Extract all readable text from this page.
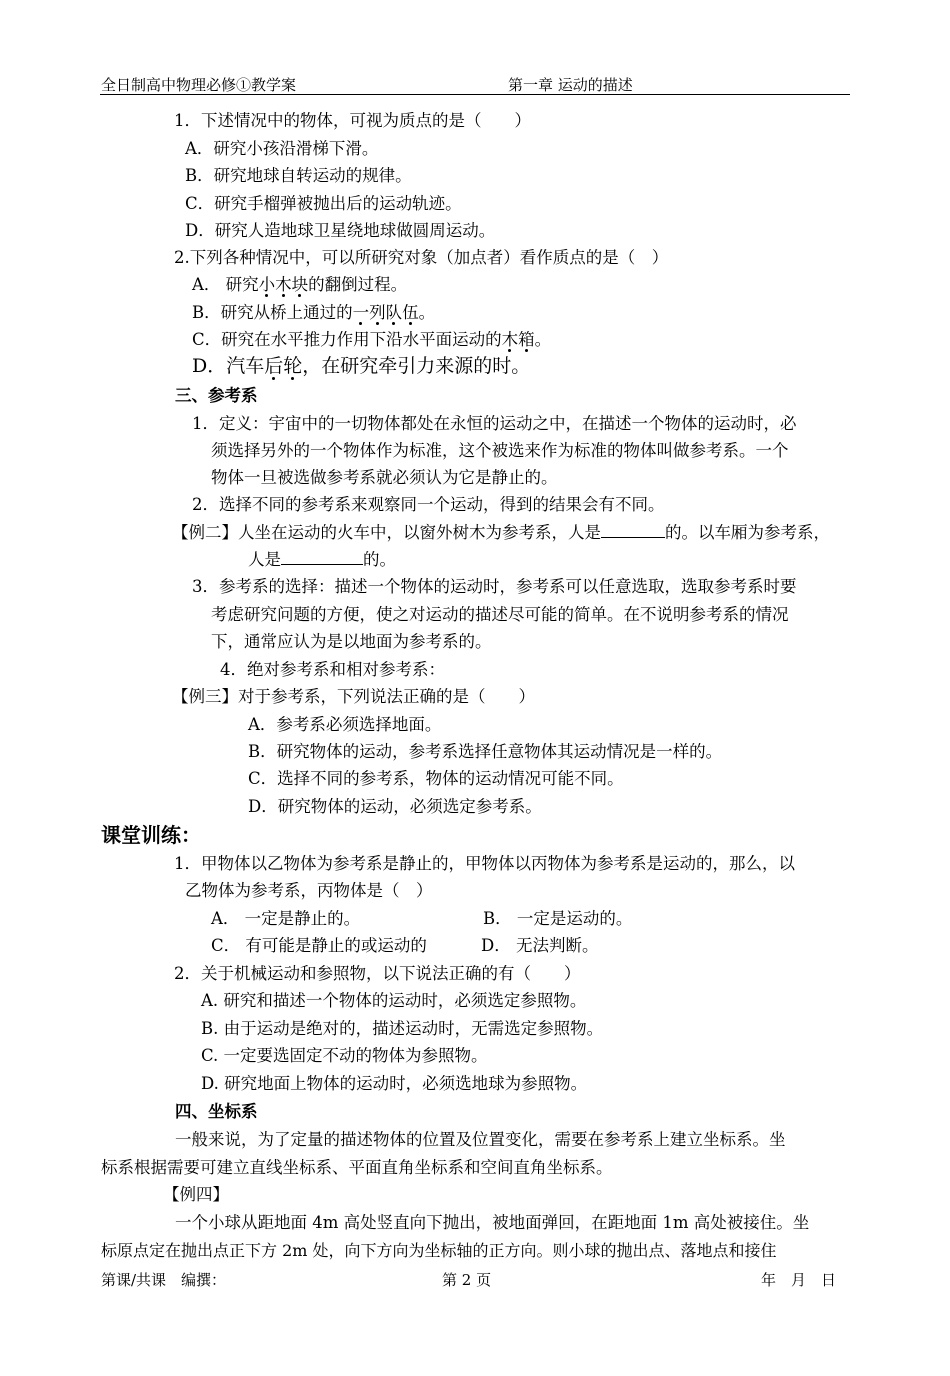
全日制高中物理必修①教学案	第一章 运动的描述
1．下述情况中的物体，可视为质点的是（　　）
A．研究小孩沿滑梯下滑。
B．研究地球自转运动的规律。
C．研究手榴弹被抛出后的运动轨迹。
D．研究人造地球卫星绕地球做圆周运动。
2.下列各种情况中，可以所研究对象（加点者）看作质点的是（　）
A． 研究小木块的翻倒过程。
B．研究从桥上通过的一列队伍。
C．研究在水平推力作用下沿水平面运动的木箱。
D．汽车后轮，在研究牵引力来源的时。
三、参考系
1．定义：宇宙中的一切物体都处在永恒的运动之中，在描述一个物体的运动时，必
须选择另外的一个物体作为标准，这个被选来作为标准的物体叫做参考系。一个
物体一旦被选做参考系就必须认为它是静止的。
2．选择不同的参考系来观察同一个运动，得到的结果会有不同。
【例二】人坐在运动的火车中，以窗外树木为参考系，人是	的。以车厢为参考系，
人是	的。
3．参考系的选择：描述一个物体的运动时，参考系可以任意选取，选取参考系时要
考虑研究问题的方便，使之对运动的描述尽可能的简单。在不说明参考系的情况
下，通常应认为是以地面为参考系的。
4．绝对参考系和相对参考系：
【例三】对于参考系，下列说法正确的是（　　）
A．参考系必须选择地面。
B．研究物体的运动，参考系选择任意物体其运动情况是一样的。
C．选择不同的参考系，物体的运动情况可能不同。
D．研究物体的运动，必须选定参考系。
课堂训练：
1．甲物体以乙物体为参考系是静止的，甲物体以丙物体为参考系是运动的，那么，以
乙物体为参考系，丙物体是（　）
A． 一定是静止的。	B． 一定是运动的。
C． 有可能是静止的或运动的	D． 无法判断。
2．关于机械运动和参照物，以下说法正确的有（　　）
A. 研究和描述一个物体的运动时，必须选定参照物。
B. 由于运动是绝对的，描述运动时，无需选定参照物。
C. 一定要选固定不动的物体为参照物。
D. 研究地面上物体的运动时，必须选地球为参照物。
四、坐标系
一般来说，为了定量的描述物体的位置及位置变化，需要在参考系上建立坐标系。坐
标系根据需要可建立直线坐标系、平面直角坐标系和空间直角坐标系。
【例四】
一个小球从距地面 4m 高处竖直向下抛出，被地面弹回，在距地面 1m 高处被接住。坐
标原点定在抛出点正下方 2m 处，向下方向为坐标轴的正方向。则小球的抛出点、落地点和接住
第课/共课　编撰：	第 2 页	年　月　日
